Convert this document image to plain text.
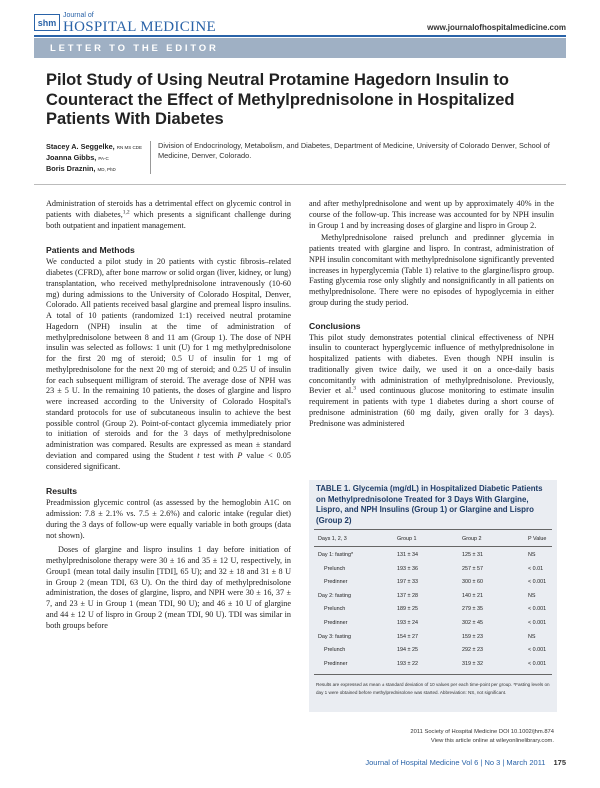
shm
Journal of
HOSPITAL MEDICINE	www.journalofhospitalmedicine.com
LETTER TO THE EDITOR
Pilot Study of Using Neutral Protamine Hagedorn Insulin to Counteract the Effect of Methylprednisolone in Hospitalized Patients With Diabetes
Stacey A. Seggelke, RN MS CDE
Joanna Gibbs, PA-C
Boris Draznin, MD, PhD
Division of Endocrinology, Metabolism, and Diabetes, Department of Medicine, University of Colorado Denver, School of Medicine, Denver, Colorado.

Administration of steroids has a detrimental effect on glycemic control in patients with diabetes,$^{1,2}$ which presents a significant challenge during both outpatient and inpatient management.

Patients and Methods

We conducted a pilot study in 20 patients with cystic fibrosis–related diabetes (CFRD), after bone marrow or solid organ (liver, kidney, or lung) transplantation, who received methylprednisolone intravenously (10-60 mg) during admissions to the University of Colorado Hospital, Denver, Colorado. All patients received basal glargine and premeal lispro insulins. A total of 10 patients (randomized 1:1) received neutral protamine Hagedorn (NPH) insulin at the time of administration of methylprednisolone between 8 and 11 am (Group 1). The dose of NPH insulin was selected as follows: 1 unit (U) for 1 mg methylprednisolone for the first 20 mg of steroid; 0.5 U of insulin for 1 mg of methylprednisolone for the next 20 mg of steroid; and 0.25 U of insulin for each subsequent milligram of steroid. The average dose of NPH was 23 ± 5 U. In the remaining 10 patients, the doses of glargine and lispro were increased according to the University of Colorado Hospital's standard protocols for use of subcutaneous insulin to achieve the best possible control (Group 2). Point-of-contact glycemia immediately prior to initiation of steroids and for the 3 days of methylprednisolone administration was compared. Results are expressed as mean ± standard deviation and compared using the Student t test with P value < 0.05 considered significant.

Results

Preadmission glycemic control (as assessed by the hemoglobin A1C on admission: 7.8 ± 2.1% vs. 7.5 ± 2.6%) and caloric intake (regular diet) during the 3 days of follow-up were equally variable in both groups (data not shown).

Doses of glargine and lispro insulins 1 day before initiation of methylprednisolone therapy were 30 ± 16 and 35 ± 12 U, respectively, in Group1 (mean total daily insulin [TDI], 65 U); and 32 ± 18 and 31 ± 8 U in Group 2 (mean TDI, 63 U). On the third day of methylprednisolone administration, the doses of glargine, lispro, and NPH were 30 ± 16, 37 ± 7, and 23 ± U in Group 1 (mean TDI, 90 U); and 46 ± 10 U of glargine and 44 ± 12 U of lispro in Group 2 (mean TDI, 90 U). TDI was similar in both groups before

and after methylprednisolone and went up by approximately 40% in the course of the follow-up. This increase was accounted for by NPH insulin in Group 1 and by increasing doses of glargine and lispro in Group 2.

Methylprednisolone raised prelunch and predinner glycemia in patients treated with glargine and lispro. In contrast, administration of NPH insulin concomitant with methylprednisolone significantly prevented increases in hyperglycemia (Table 1) relative to the glargine/lispro group. Fasting glycemia rose only slightly and nonsignificantly in all patients on methylprednisolone. There were no episodes of hypoglycemia in either group during the study period.

Conclusions

This pilot study demonstrates potential clinical effectiveness of NPH insulin to counteract hyperglycemic influence of methylprednisolone in hospitalized patients with diabetes. Even though NPH insulin is traditionally given twice daily, we used it on a once-daily basis concomitantly with administration of methylprednisolone. Previously, Bevier et al.$^3$ used continuous glucose monitoring to estimate insulin requirement in patients with type 1 diabetes during a short course of prednisone administration (60 mg daily, given orally for 3 days). Prednisone was administered

TABLE 1. Glycemia (mg/dL) in Hospitalized Diabetic Patients on Methylprednisolone Treated for 3 Days With Glargine, Lispro, and NPH Insulins (Group 1) or Glargine and Lispro (Group 2)
Days 1, 2, 3	Group 1	Group 2	P Value
Day 1: fasting*	131 ± 34	125 ± 31	NS
Prelunch	193 ± 36	257 ± 57	< 0.01
Predinner	197 ± 33	300 ± 60	< 0.001
Day 2: fasting	137 ± 28	140 ± 21	NS
Prelunch	189 ± 25	279 ± 35	< 0.001
Predinner	193 ± 24	302 ± 45	< 0.001
Day 3: fasting	154 ± 27	159 ± 23	NS
Prelunch	194 ± 25	292 ± 23	< 0.001
Predinner	193 ± 22	319 ± 32	< 0.001
Results are expressed as mean ± standard deviation of 10 values per each time-point per group. *Fasting levels on day 1 were obtained before methylprednisolone was started. Abbreviation: NS, not significant.
2011 Society of Hospital Medicine DOI 10.1002/jhm.874
View this article online at wileyonlinelibrary.com.
Journal of Hospital Medicine Vol 6 | No 3 | March 2011 175
